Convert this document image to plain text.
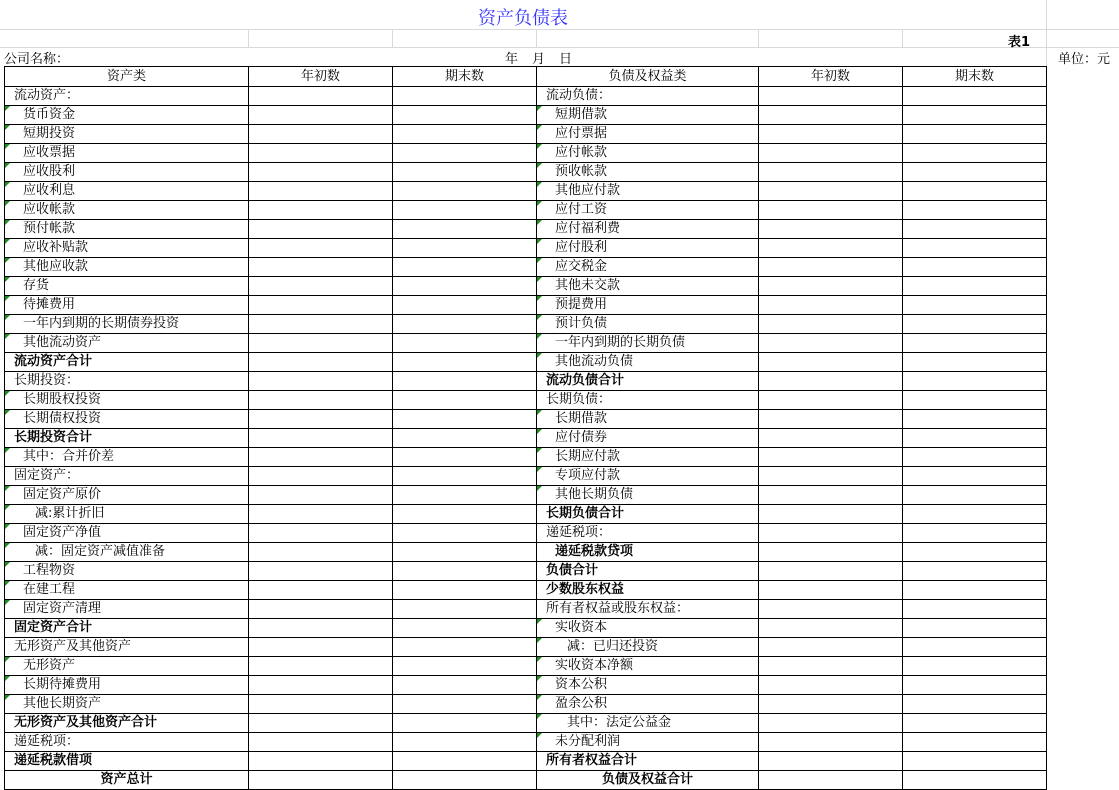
资产负债表
表1
公司名称：	年 月 日	单位：元
资产类	年初数	期末数	负债及权益类	年初数	期末数
流动资产：			流动负债：		
货币资金			短期借款		
短期投资			应付票据		
应收票据			应付帐款		
应收股利			预收帐款		
应收利息			其他应付款		
应收帐款			应付工资		
预付帐款			应付福利费		
应收补贴款			应付股利		
其他应收款			应交税金		
存货			其他未交款		
待摊费用			预提费用		
一年内到期的长期债券投资			预计负债		
其他流动资产			一年内到期的长期负债		
流动资产合计			其他流动负债		
长期投资：			流动负债合计		
长期股权投资			长期负债：		
长期债权投资			长期借款		
长期投资合计			应付债券		
其中：合并价差			长期应付款		
固定资产：			专项应付款		
固定资产原价			其他长期负债		
减:累计折旧			长期负债合计		
固定资产净值			递延税项：		
减：固定资产减值准备			递延税款贷项		
工程物资			负债合计		
在建工程			少数股东权益		
固定资产清理			所有者权益或股东权益：		
固定资产合计			实收资本		
无形资产及其他资产			减：已归还投资		
无形资产			实收资本净额		
长期待摊费用			资本公积		
其他长期资产			盈余公积		
无形资产及其他资产合计			其中：法定公益金		
递延税项：			未分配利润		
递延税款借项			所有者权益合计		
资产总计			负债及权益合计		
